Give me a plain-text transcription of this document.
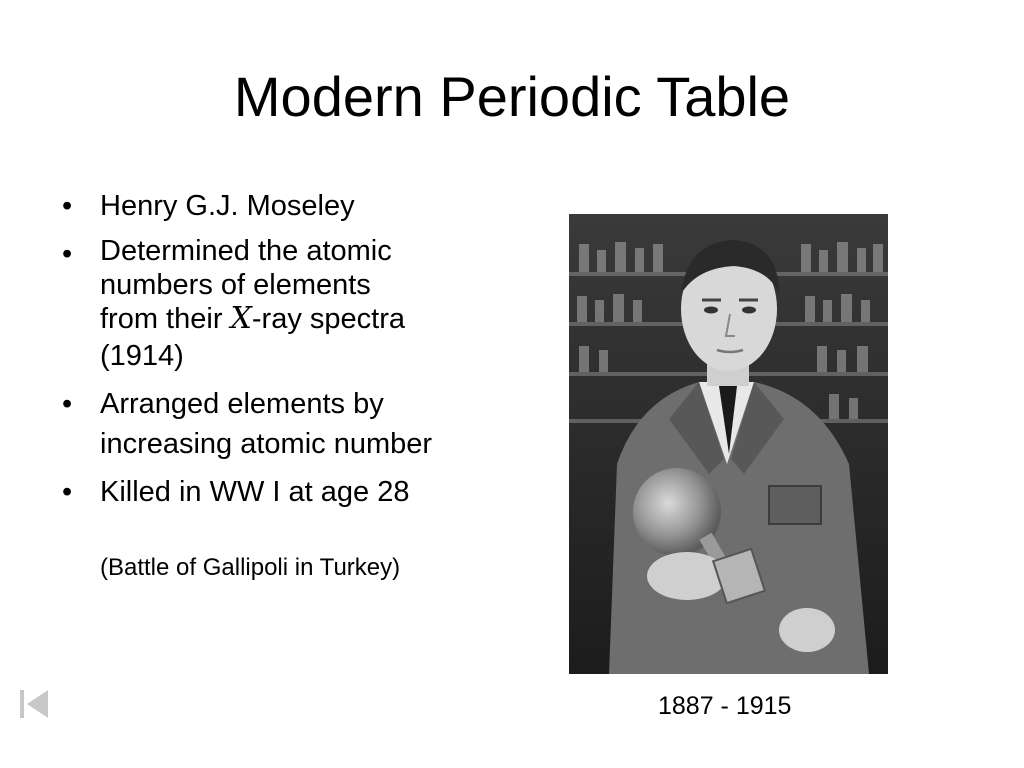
Modern Periodic Table
• Henry G.J. Moseley
• Determined the atomic
numbers of elements
from their X-ray spectra
(1914)
• Arranged elements by
increasing atomic number
• Killed in WW I at age 28
(Battle of Gallipoli in Turkey)
1887 - 1915
